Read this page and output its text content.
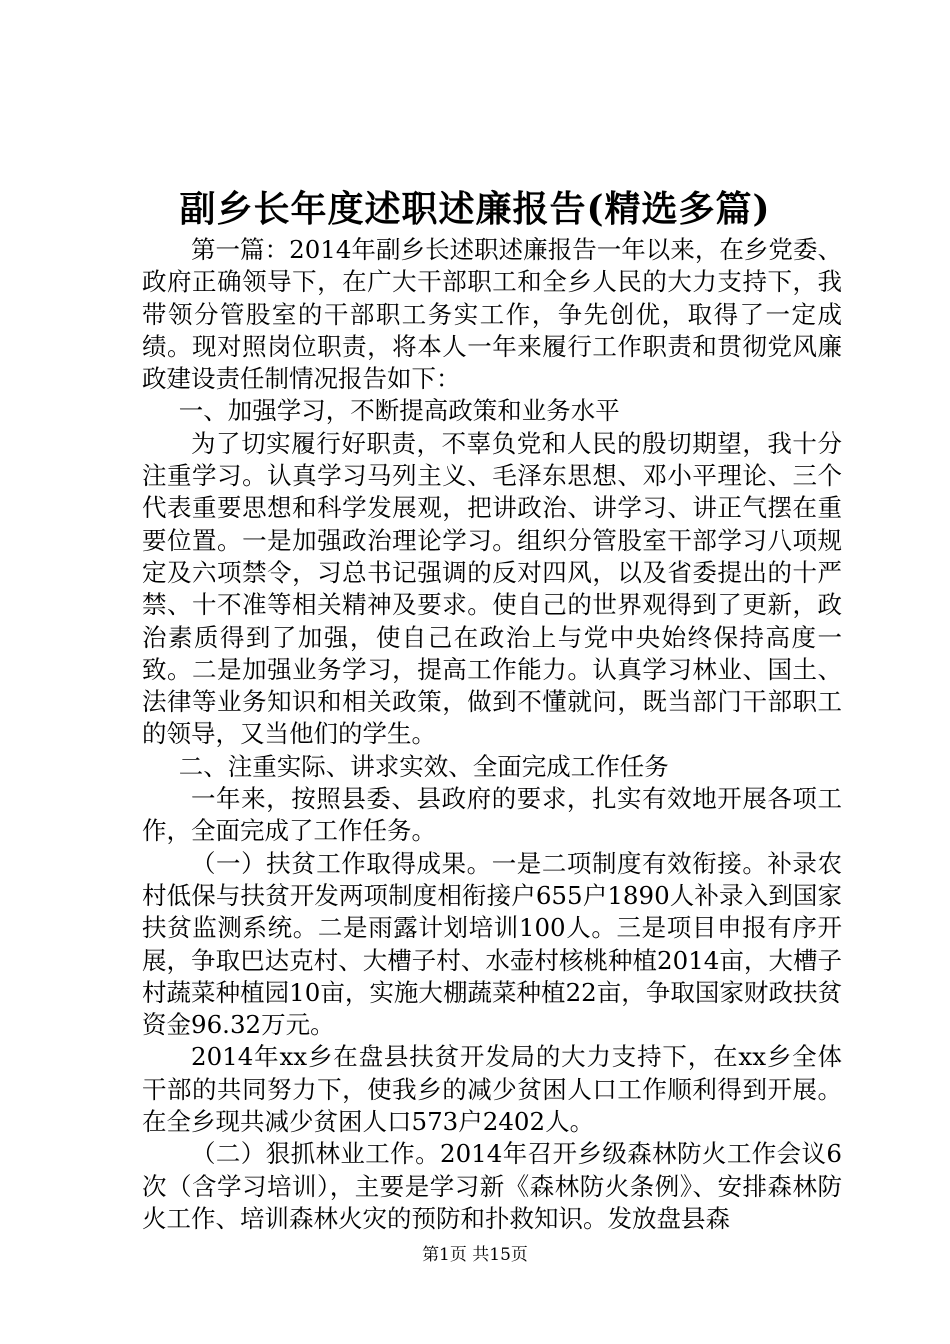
副乡长年度述职述廉报告(精选多篇)

第一篇：2014年副乡长述职述廉报告一年以来，在乡党委、政府正确领导下，在广大干部职工和全乡人民的大力支持下，我带领分管股室的干部职工务实工作，争先创优，取得了一定成绩。现对照岗位职责，将本人一年来履行工作职责和贯彻党风廉政建设责任制情况报告如下：

一、加强学习，不断提高政策和业务水平

为了切实履行好职责，不辜负党和人民的殷切期望，我十分注重学习。认真学习马列主义、毛泽东思想、邓小平理论、三个代表重要思想和科学发展观，把讲政治、讲学习、讲正气摆在重要位置。一是加强政治理论学习。组织分管股室干部学习八项规定及六项禁令，习总书记强调的反对四风，以及省委提出的十严禁、十不准等相关精神及要求。使自己的世界观得到了更新，政治素质得到了加强，使自己在政治上与党中央始终保持高度一致。二是加强业务学习，提高工作能力。认真学习林业、国土、法律等业务知识和相关政策，做到不懂就问，既当部门干部职工的领导，又当他们的学生。

二、注重实际、讲求实效、全面完成工作任务

一年来，按照县委、县政府的要求，扎实有效地开展各项工作，全面完成了工作任务。

（一）扶贫工作取得成果。一是二项制度有效衔接。补录农村低保与扶贫开发两项制度相衔接户655户1890人补录入到国家扶贫监测系统。二是雨露计划培训100人。三是项目申报有序开展，争取巴达克村、大槽子村、水壶村核桃种植2014亩，大槽子村蔬菜种植园10亩，实施大棚蔬菜种植22亩，争取国家财政扶贫资金96.32万元。

2014年xx乡在盘县扶贫开发局的大力支持下，在xx乡全体干部的共同努力下，使我乡的减少贫困人口工作顺利得到开展。在全乡现共减少贫困人口573户2402人。

（二）狠抓林业工作。2014年召开乡级森林防火工作会议6次（含学习培训），主要是学习新《森林防火条例》、安排森林防火工作、培训森林火灾的预防和扑救知识。发放盘县森

第1页 共15页
